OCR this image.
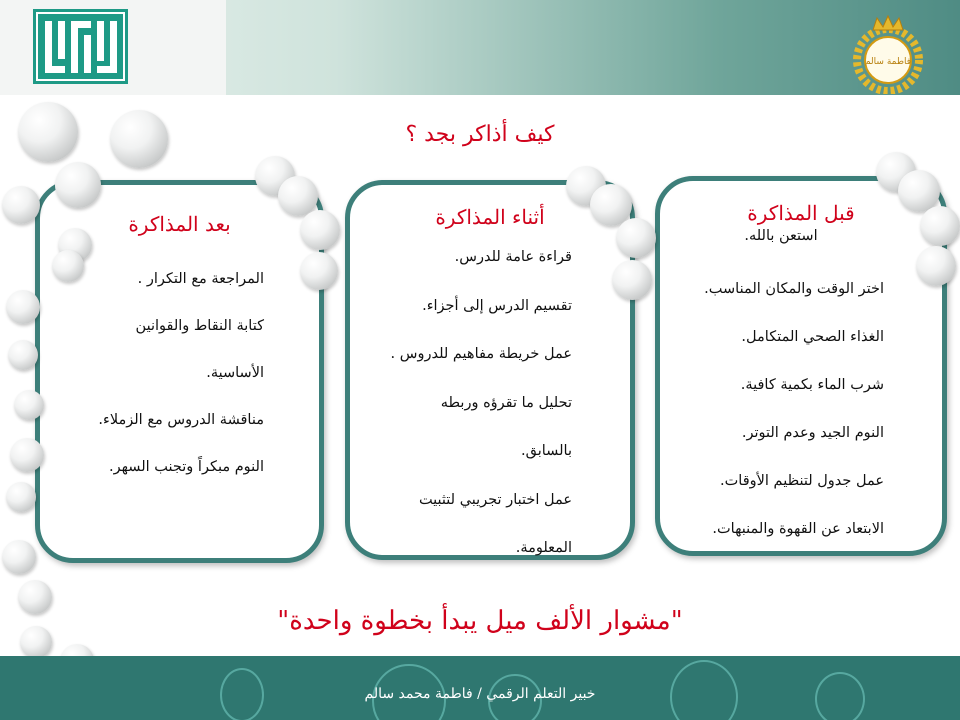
فاطمة سالم
كيف أذاكر بجد ؟
قبل المذاكرة
استعن بالله.
اختر الوقت والمكان المناسب.
الغذاء الصحي المتكامل.
شرب الماء بكمية كافية.
النوم الجيد وعدم التوتر.
عمل جدول لتنظيم الأوقات.
الابتعاد عن القهوة والمنبهات.
أثناء المذاكرة
قراءة عامة للدرس.
تقسيم الدرس إلى أجزاء.
عمل خريطة مفاهيم للدروس .
تحليل ما تقرؤه وربطه
بالسابق.
عمل اختبار تجريبي لتثبيت
المعلومة.
بعد المذاكرة
المراجعة مع التكرار .
كتابة النقاط والقوانين
الأساسية.
مناقشة الدروس مع الزملاء.
النوم مبكراً وتجنب السهر.
"مشوار الألف ميل يبدأ بخطوة واحدة"
خبير التعلم الرقمي / فاطمة محمد سالم
